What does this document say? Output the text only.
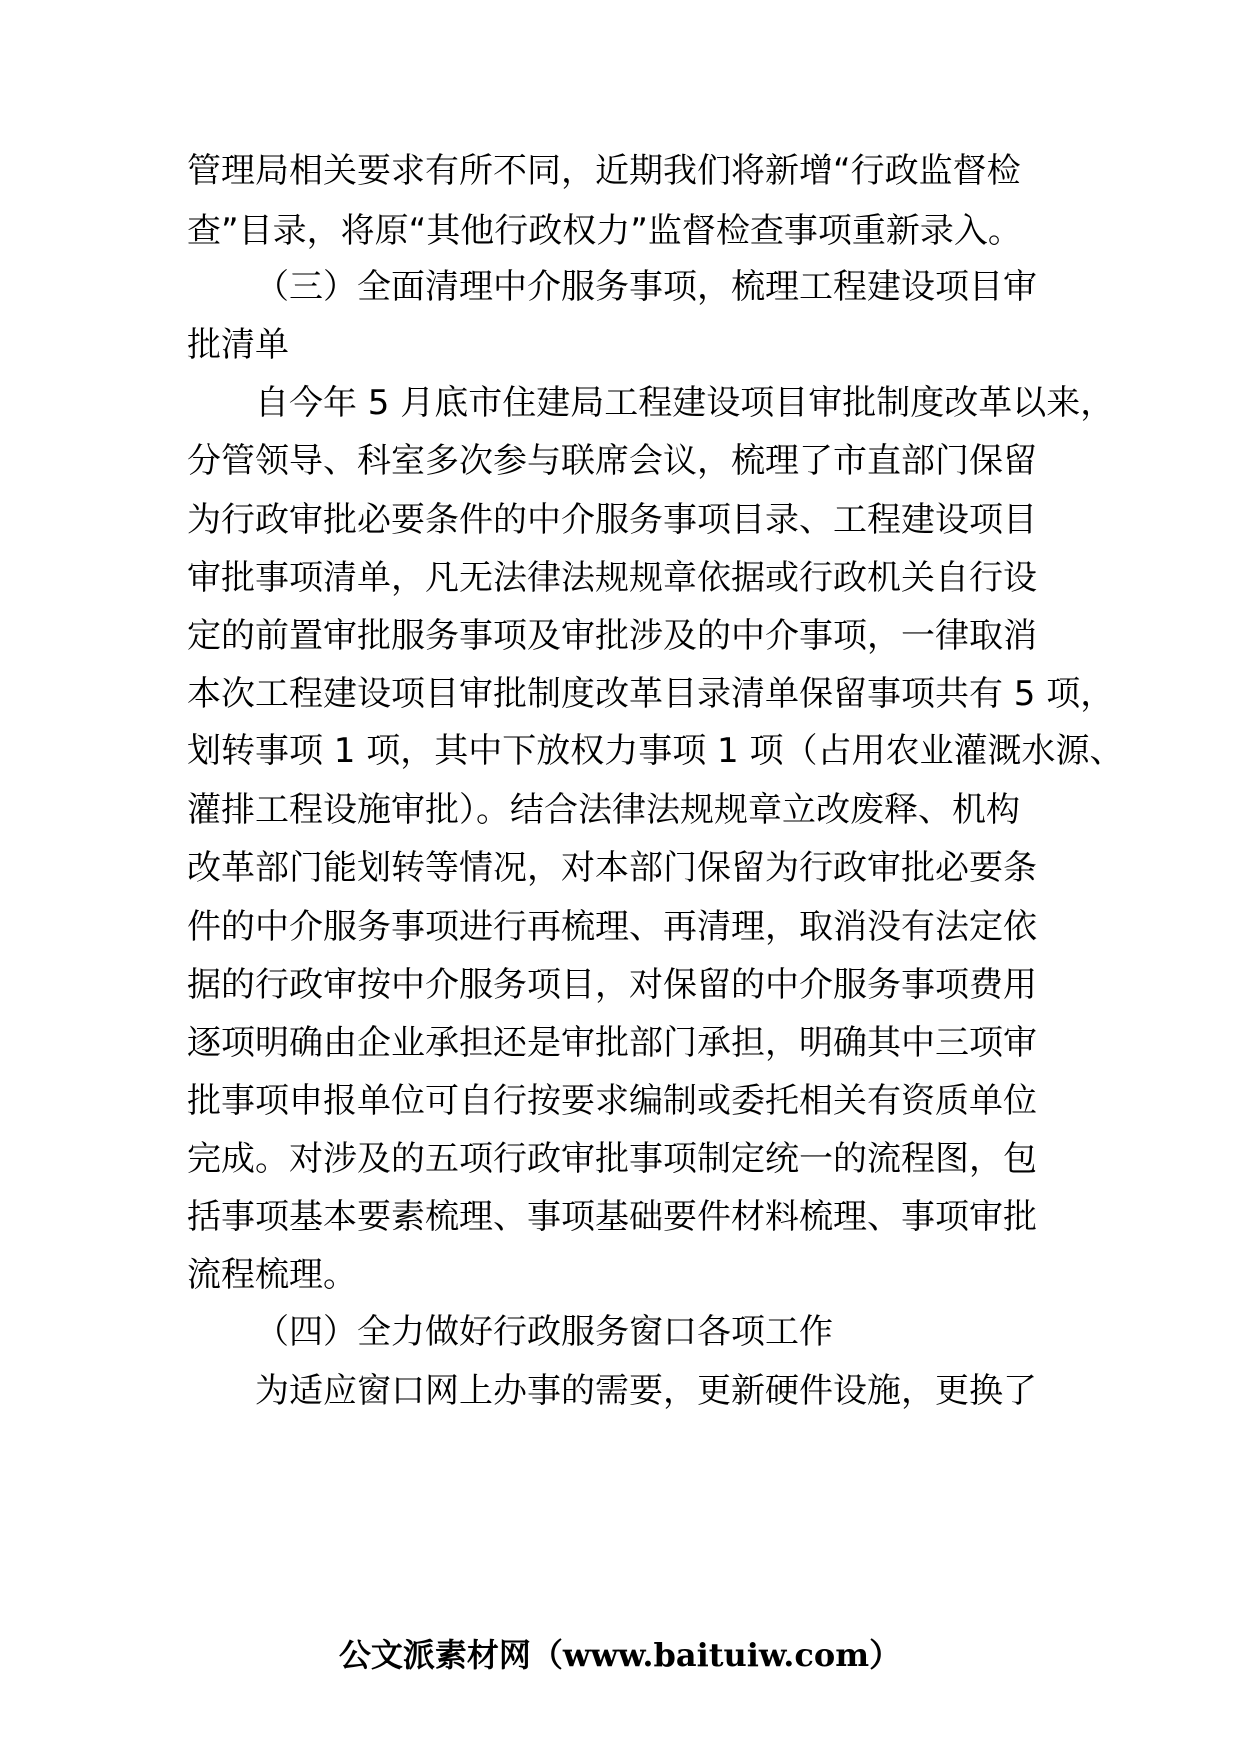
管理局相关要求有所不同，近期我们将新增“行政监督检
查”目录，将原“其他行政权力”监督检查事项重新录入。
（三）全面清理中介服务事项，梳理工程建设项目审
批清单
自今年 5 月底市住建局工程建设项目审批制度改革以来，
分管领导、科室多次参与联席会议，梳理了市直部门保留
为行政审批必要条件的中介服务事项目录、工程建设项目
审批事项清单，凡无法律法规规章依据或行政机关自行设
定的前置审批服务事项及审批涉及的中介事项，一律取消
本次工程建设项目审批制度改革目录清单保留事项共有 5 项，
划转事项 1 项，其中下放权力事项 1 项（占用农业灌溉水源、
灌排工程设施审批）。结合法律法规规章立改废释、机构
改革部门能划转等情况，对本部门保留为行政审批必要条
件的中介服务事项进行再梳理、再清理，取消没有法定依
据的行政审按中介服务项目，对保留的中介服务事项费用
逐项明确由企业承担还是审批部门承担，明确其中三项审
批事项申报单位可自行按要求编制或委托相关有资质单位
完成。对涉及的五项行政审批事项制定统一的流程图，包
括事项基本要素梳理、事项基础要件材料梳理、事项审批
流程梳理。
（四）全力做好行政服务窗口各项工作
为适应窗口网上办事的需要，更新硬件设施，更换了
公文派素材网（www.baituiw.com）
